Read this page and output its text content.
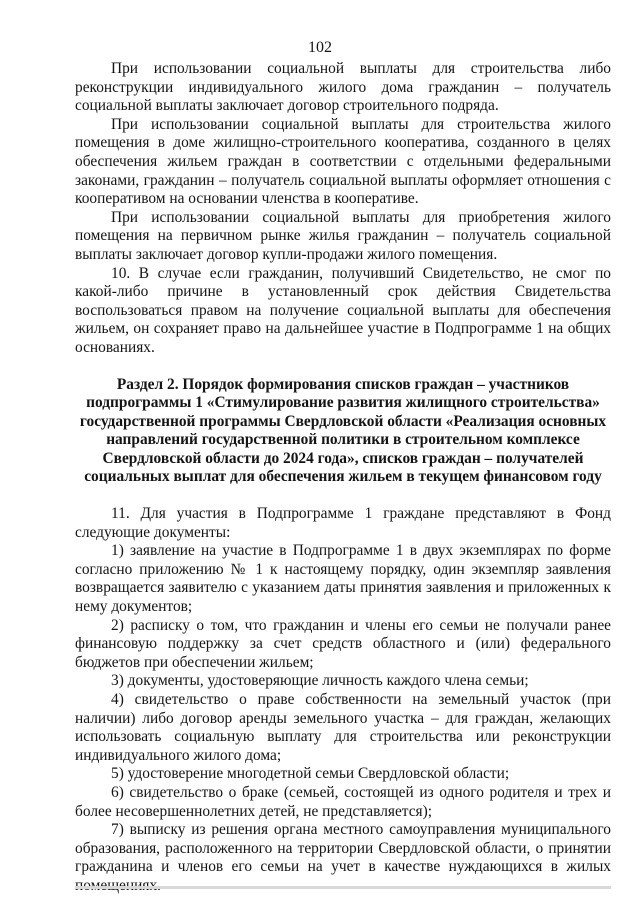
102

При использовании социальной выплаты для строительства либо реконструкции индивидуального жилого дома гражданин – получатель социальной выплаты заключает договор строительного подряда.

При использовании социальной выплаты для строительства жилого помещения в доме жилищно-строительного кооператива, созданного в целях обеспечения жильем граждан в соответствии с отдельными федеральными законами, гражданин – получатель социальной выплаты оформляет отношения с кооперативом на основании членства в кооперативе.

При использовании социальной выплаты для приобретения жилого помещения на первичном рынке жилья гражданин – получатель социальной выплаты заключает договор купли-продажи жилого помещения.

10. В случае если гражданин, получивший Свидетельство, не смог по какой-либо причине в установленный срок действия Свидетельства воспользоваться правом на получение социальной выплаты для обеспечения жильем, он сохраняет право на дальнейшее участие в Подпрограмме 1 на общих основаниях.

Раздел 2. Порядок формирования списков граждан – участников подпрограммы 1 «Стимулирование развития жилищного строительства» государственной программы Свердловской области «Реализация основных направлений государственной политики в строительном комплексе Свердловской области до 2024 года», списков граждан – получателей социальных выплат для обеспечения жильем в текущем финансовом году

11. Для участия в Подпрограмме 1 граждане представляют в Фонд следующие документы:

1) заявление на участие в Подпрограмме 1 в двух экземплярах по форме согласно приложению № 1 к настоящему порядку, один экземпляр заявления возвращается заявителю с указанием даты принятия заявления и приложенных к нему документов;

2) расписку о том, что гражданин и члены его семьи не получали ранее финансовую поддержку за счет средств областного и (или) федерального бюджетов при обеспечении жильем;

3) документы, удостоверяющие личность каждого члена семьи;

4) свидетельство о праве собственности на земельный участок (при наличии) либо договор аренды земельного участка – для граждан, желающих использовать социальную выплату для строительства или реконструкции индивидуального жилого дома;

5) удостоверение многодетной семьи Свердловской области;

6) свидетельство о браке (семьей, состоящей из одного родителя и трех и более несовершеннолетних детей, не представляется);

7) выписку из решения органа местного самоуправления муниципального образования, расположенного на территории Свердловской области, о принятии гражданина и членов его семьи на учет в качестве нуждающихся в жилых
